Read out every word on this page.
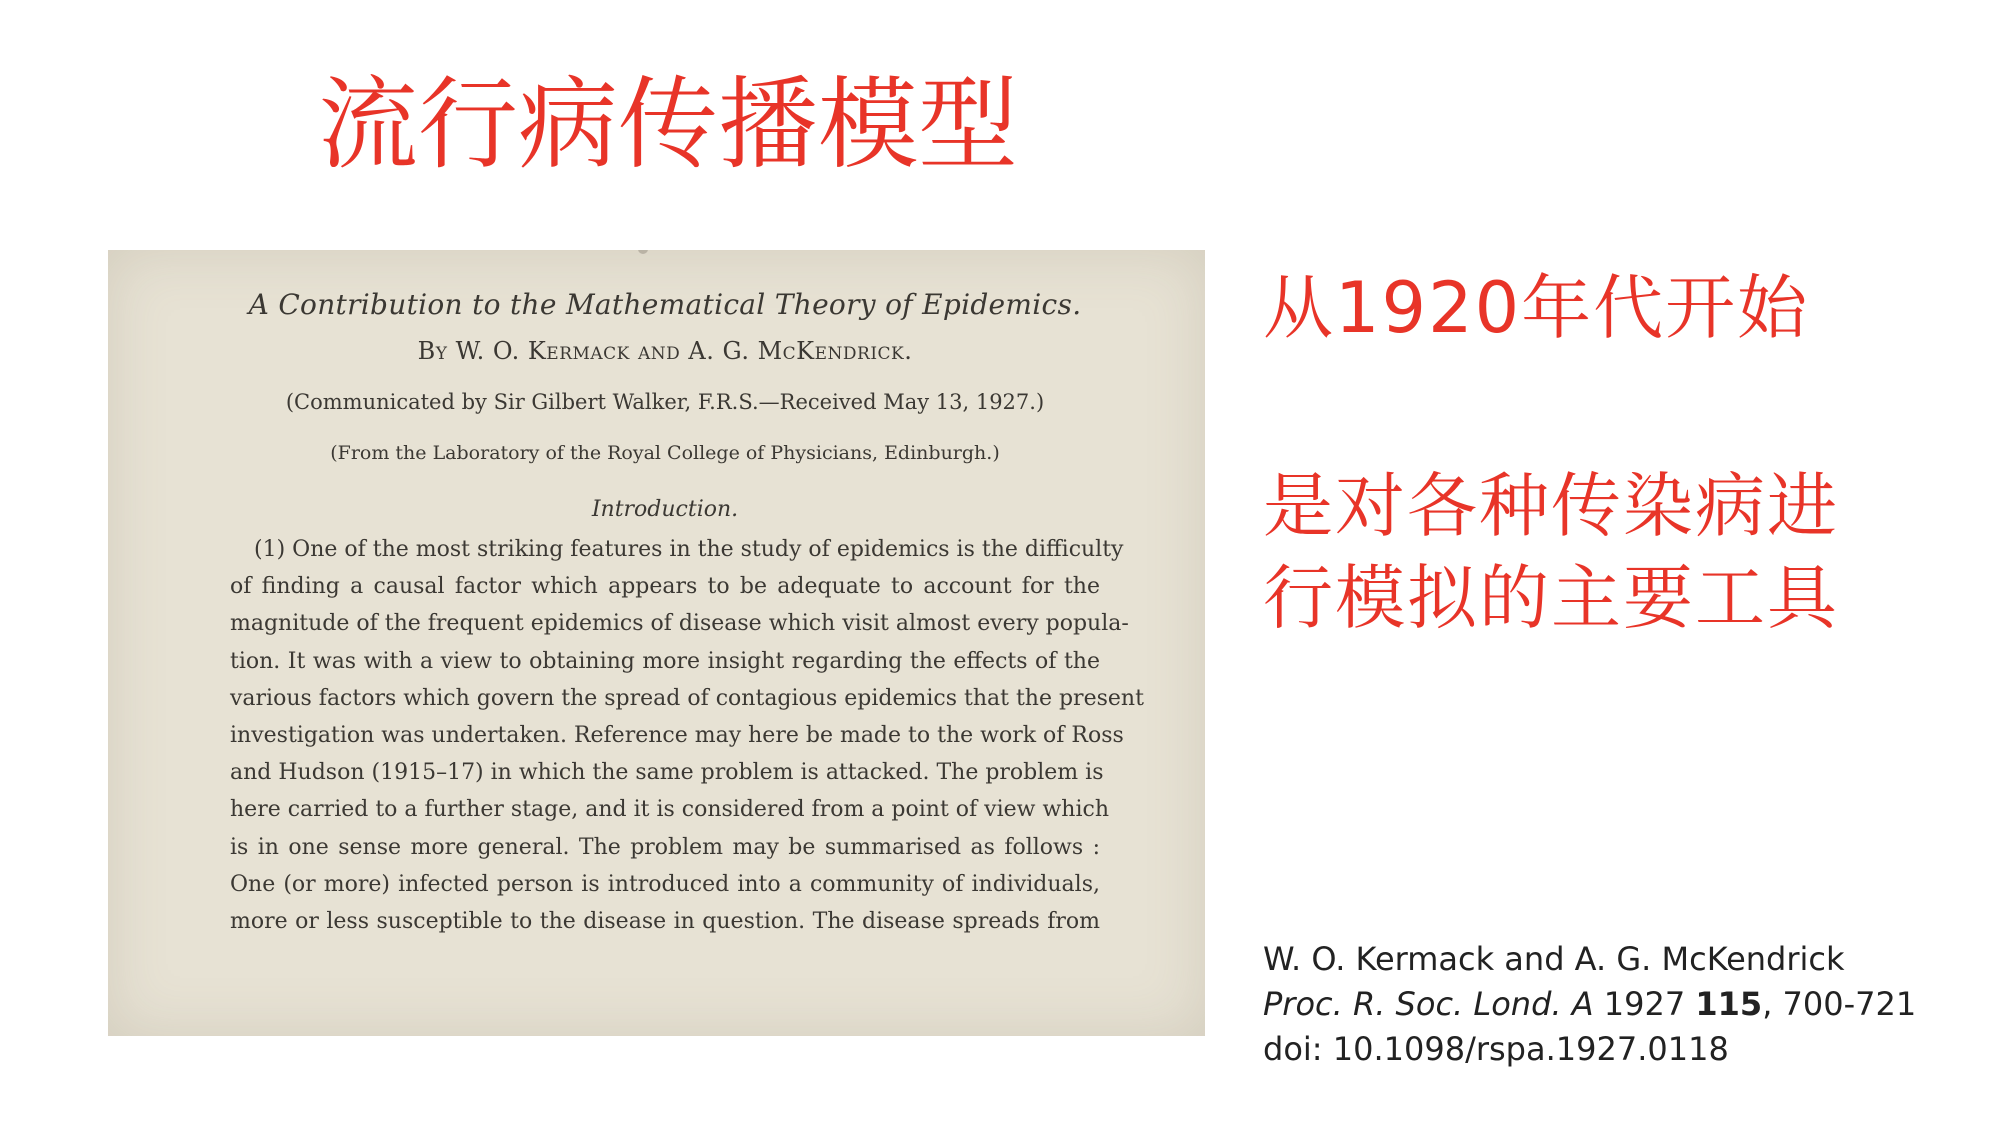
流行病传播模型
A Contribution to the Mathematical Theory of Epidemics.
By W. O. Kermack and A. G. McKendrick.
(Communicated by Sir Gilbert Walker, F.R.S.—Received May 13, 1927.)
(From the Laboratory of the Royal College of Physicians, Edinburgh.)
Introduction.
(1) One of the most striking features in the study of epidemics is the difficulty
of finding a causal factor which appears to be adequate to account for the
magnitude of the frequent epidemics of disease which visit almost every popula-
tion. It was with a view to obtaining more insight regarding the effects of the
various factors which govern the spread of contagious epidemics that the present
investigation was undertaken. Reference may here be made to the work of Ross
and Hudson (1915–17) in which the same problem is attacked. The problem is
here carried to a further stage, and it is considered from a point of view which
is in one sense more general. The problem may be summarised as follows :
One (or more) infected person is introduced into a community of individuals,
more or less susceptible to the disease in question. The disease spreads from
从1920年代开始
是对各种传染病进
行模拟的主要工具
W. O. Kermack and A. G. McKendrick
Proc. R. Soc. Lond. A 1927 115, 700-721
doi: 10.1098/rspa.1927.0118
